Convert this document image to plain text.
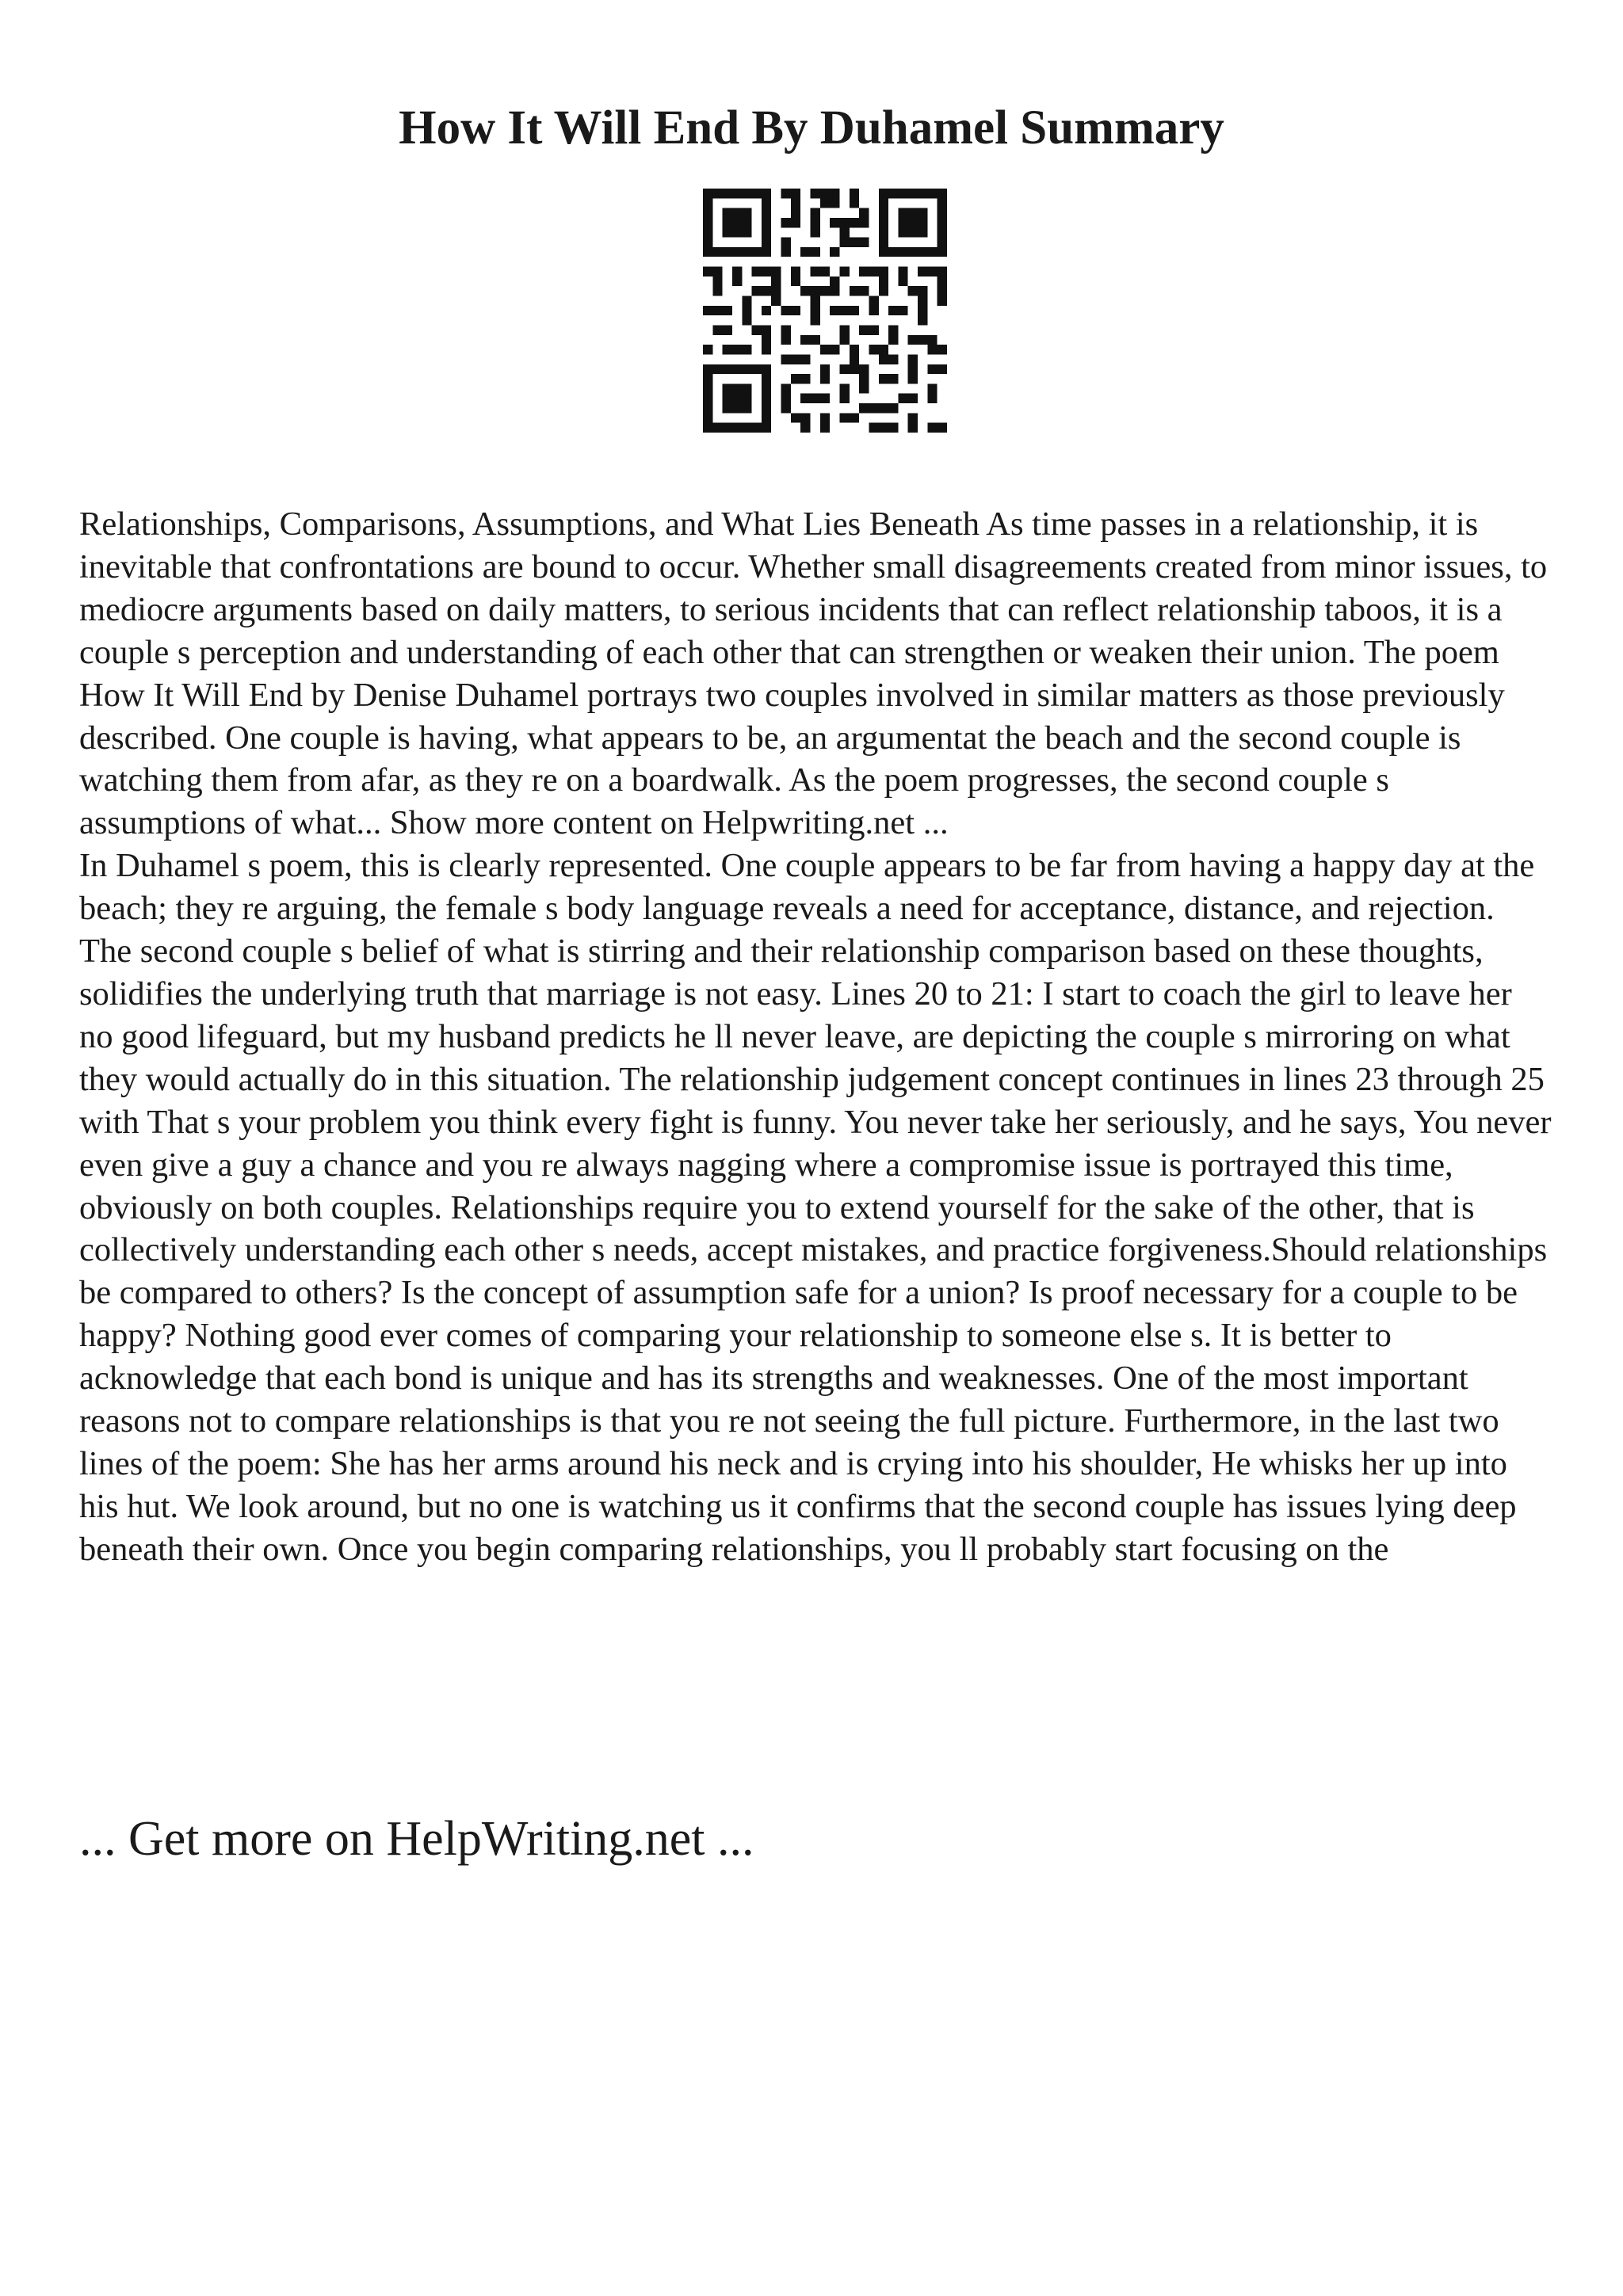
How It Will End By Duhamel Summary

Relationships, Comparisons, Assumptions, and What Lies Beneath As time passes in a relationship, it is inevitable that confrontations are bound to occur. Whether small disagreements created from minor issues, to mediocre arguments based on daily matters, to serious incidents that can reflect relationship taboos, it is a couple s perception and understanding of each other that can strengthen or weaken their union. The poem How It Will End by Denise Duhamel portrays two couples involved in similar matters as those previously described. One couple is having, what appears to be, an argumentat the beach and the second couple is watching them from afar, as they re on a boardwalk. As the poem progresses, the second couple s assumptions of what... Show more content on Helpwriting.net ...

In Duhamel s poem, this is clearly represented. One couple appears to be far from having a happy day at the beach; they re arguing, the female s body language reveals a need for acceptance, distance, and rejection. The second couple s belief of what is stirring and their relationship comparison based on these thoughts, solidifies the underlying truth that marriage is not easy. Lines 20 to 21: I start to coach the girl to leave her no good lifeguard, but my husband predicts he ll never leave, are depicting the couple s mirroring on what they would actually do in this situation. The relationship judgement concept continues in lines 23 through 25 with That s your problem you think every fight is funny. You never take her seriously, and he says, You never even give a guy a chance and you re always nagging where a compromise issue is portrayed this time, obviously on both couples. Relationships require you to extend yourself for the sake of the other, that is collectively understanding each other s needs, accept mistakes, and practice forgiveness.Should relationships be compared to others? Is the concept of assumption safe for a union? Is proof necessary for a couple to be happy? Nothing good ever comes of comparing your relationship to someone else s. It is better to acknowledge that each bond is unique and has its strengths and weaknesses. One of the most important reasons not to compare relationships is that you re not seeing the full picture. Furthermore, in the last two lines of the poem: She has her arms around his neck and is crying into his shoulder, He whisks her up into his hut. We look around, but no one is watching us it confirms that the second couple has issues lying deep beneath their own. Once you begin comparing relationships, you ll probably start focusing on the

... Get more on HelpWriting.net ...
